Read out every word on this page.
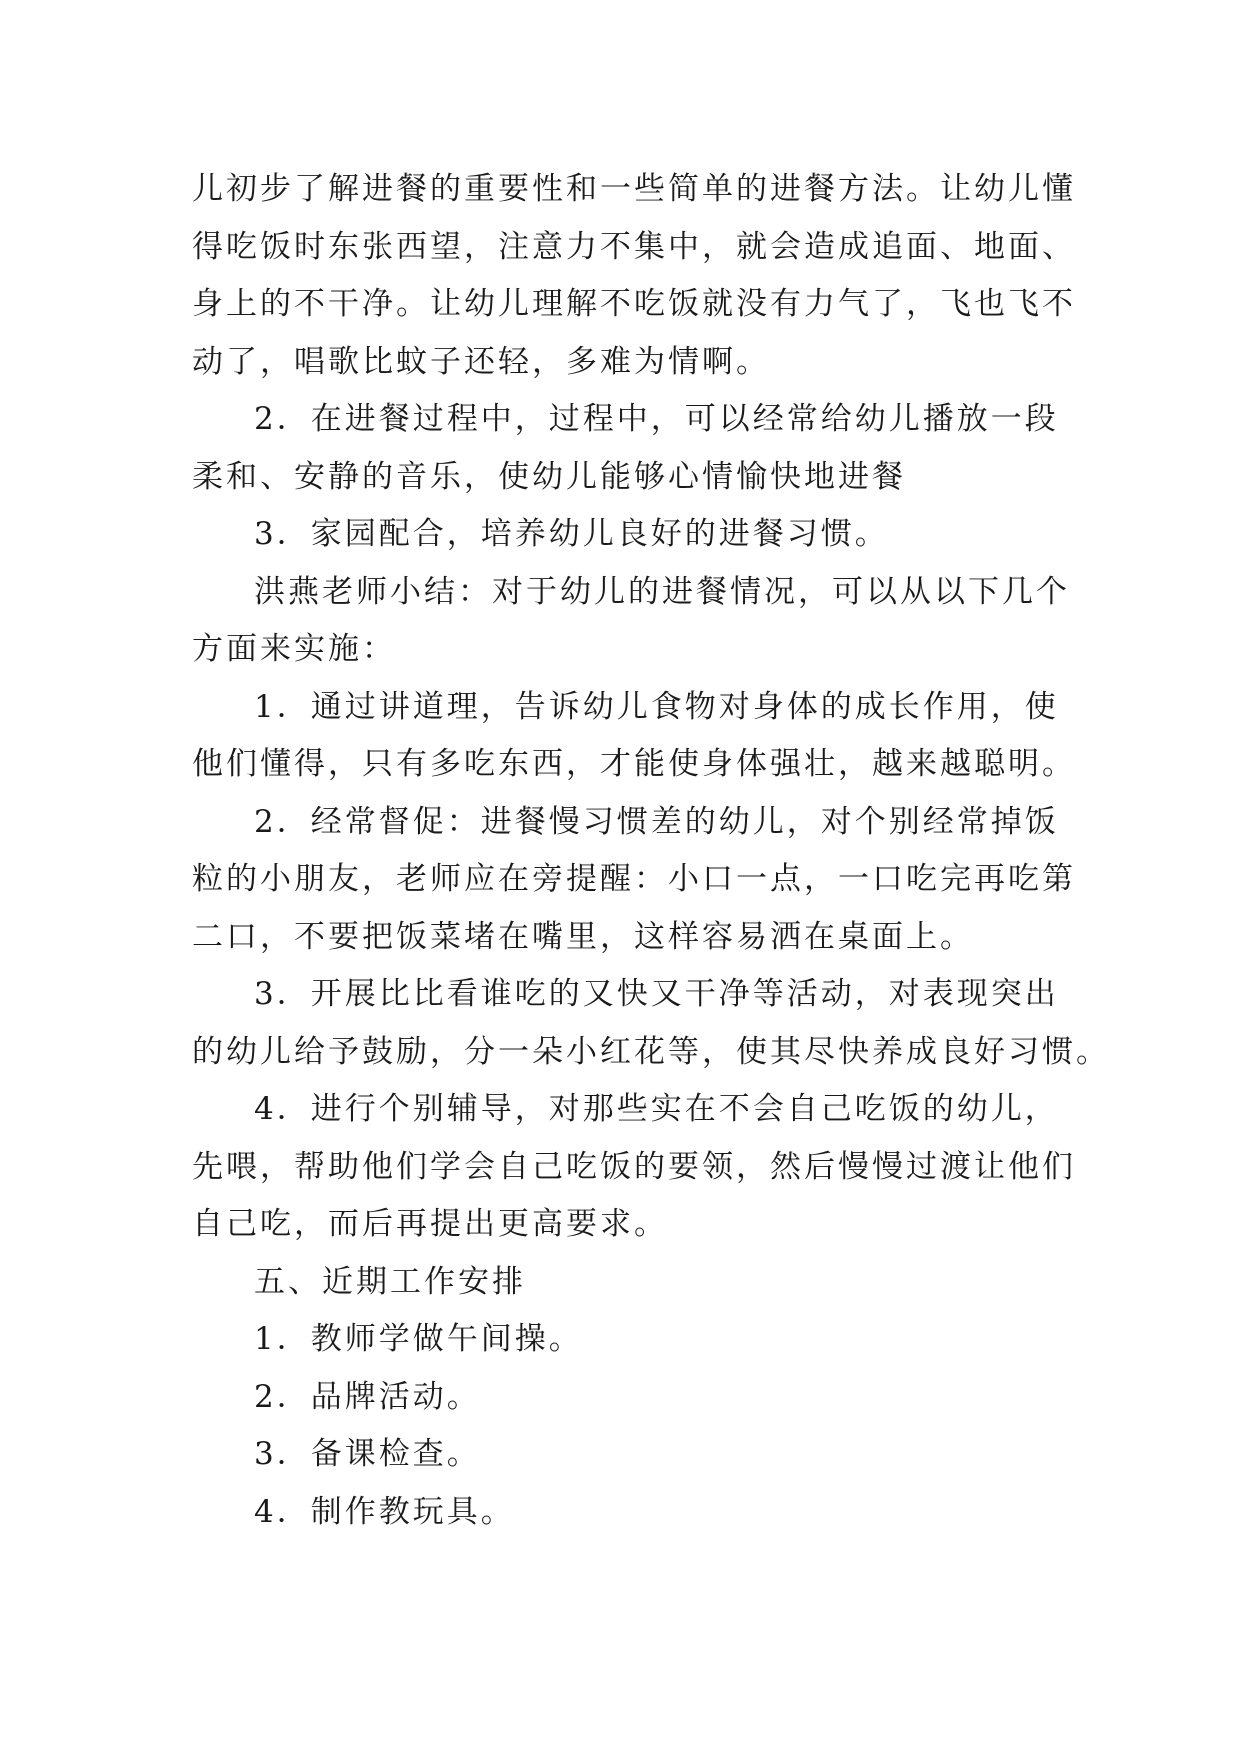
儿初步了解进餐的重要性和一些简单的进餐方法。让幼儿懂
得吃饭时东张西望，注意力不集中，就会造成追面、地面、
身上的不干净。让幼儿理解不吃饭就没有力气了，飞也飞不
动了，唱歌比蚊子还轻，多难为情啊。
2．在进餐过程中，过程中，可以经常给幼儿播放一段
柔和、安静的音乐，使幼儿能够心情愉快地进餐
3．家园配合，培养幼儿良好的进餐习惯。
洪燕老师小结：对于幼儿的进餐情况，可以从以下几个
方面来实施：
1．通过讲道理，告诉幼儿食物对身体的成长作用，使
他们懂得，只有多吃东西，才能使身体强壮，越来越聪明。
2．经常督促：进餐慢习惯差的幼儿，对个别经常掉饭
粒的小朋友，老师应在旁提醒：小口一点，一口吃完再吃第
二口，不要把饭菜堵在嘴里，这样容易洒在桌面上。
3．开展比比看谁吃的又快又干净等活动，对表现突出
的幼儿给予鼓励，分一朵小红花等，使其尽快养成良好习惯。
4．进行个别辅导，对那些实在不会自己吃饭的幼儿，
先喂，帮助他们学会自己吃饭的要领，然后慢慢过渡让他们
自己吃，而后再提出更高要求。
五、近期工作安排
1．教师学做午间操。
2．品牌活动。
3．备课检查。
4．制作教玩具。
